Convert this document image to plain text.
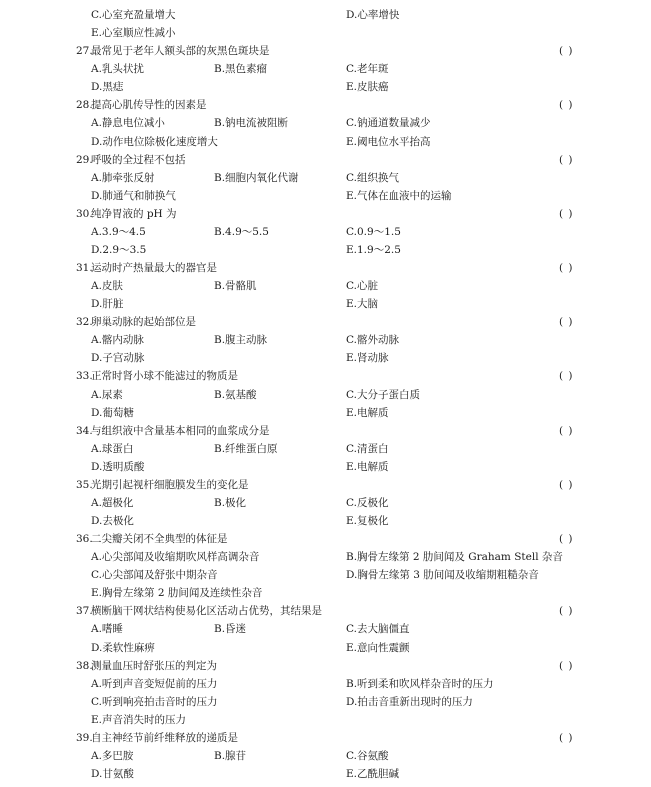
C.心室充盈量增大	D.心率增快
E.心室顺应性减小
27.
最常见于老年人额头部的灰黑色斑块是	( )
A.乳头状扰	B.黑色素瘤	C.老年斑
D.黑痣	E.皮肤癌
28.
提高心肌传导性的因素是	( )
A.静息电位减小	B.钠电流被阻断	C.钠通道数量减少
D.动作电位除极化速度增大	E.阈电位水平抬高
29.
呼吸的全过程不包括	( )
A.肺牵张反射	B.细胞内氧化代谢	C.组织换气
D.肺通气和肺换气	E.气体在血液中的运输
30.
纯净胃液的 pH 为	( )
A.3.9～4.5	B.4.9～5.5	C.0.9～1.5
D.2.9～3.5	E.1.9～2.5
31.
运动时产热量最大的器官是	( )
A.皮肤	B.骨骼肌	C.心脏
D.肝脏	E.大脑
32.
卵巢动脉的起始部位是	( )
A.髂内动脉	B.腹主动脉	C.髂外动脉
D.子宫动脉	E.肾动脉
33.
正常时肾小球不能滤过的物质是	( )
A.尿素	B.氨基酸	C.大分子蛋白质
D.葡萄糖	E.电解质
34.
与组织液中含量基本相同的血浆成分是	( )
A.球蛋白	B.纤维蛋白原	C.清蛋白
D.透明质酸	E.电解质
35.
光期引起视杆细胞膜发生的变化是	( )
A.超极化	B.极化	C.反极化
D.去极化	E.复极化
36.
二尖瓣关闭不全典型的体征是	( )
A.心尖部闻及收缩期吹风样高调杂音	B.胸骨左缘第 2 肋间闻及 Graham Stell 杂音
C.心尖部闻及舒张中期杂音	D.胸骨左缘第 3 肋间闻及收缩期粗糙杂音
E.胸骨左缘第 2 肋间闻及连续性杂音
37.
横断脑干网状结构使易化区活动占优势，其结果是	( )
A.嗜睡	B.昏迷	C.去大脑僵直
D.柔软性麻痹	E.意向性震颤
38.
测量血压时舒张压的判定为	( )
A.听到声音变短促前的压力	B.听到柔和吹风样杂音时的压力
C.听到响亮拍击音时的压力	D.拍击音重新出现时的压力
E.声音消失时的压力
39.
自主神经节前纤维释放的递质是	( )
A.多巴胺	B.腺苷	C.谷氨酸
D.甘氨酸	E.乙酰胆碱
